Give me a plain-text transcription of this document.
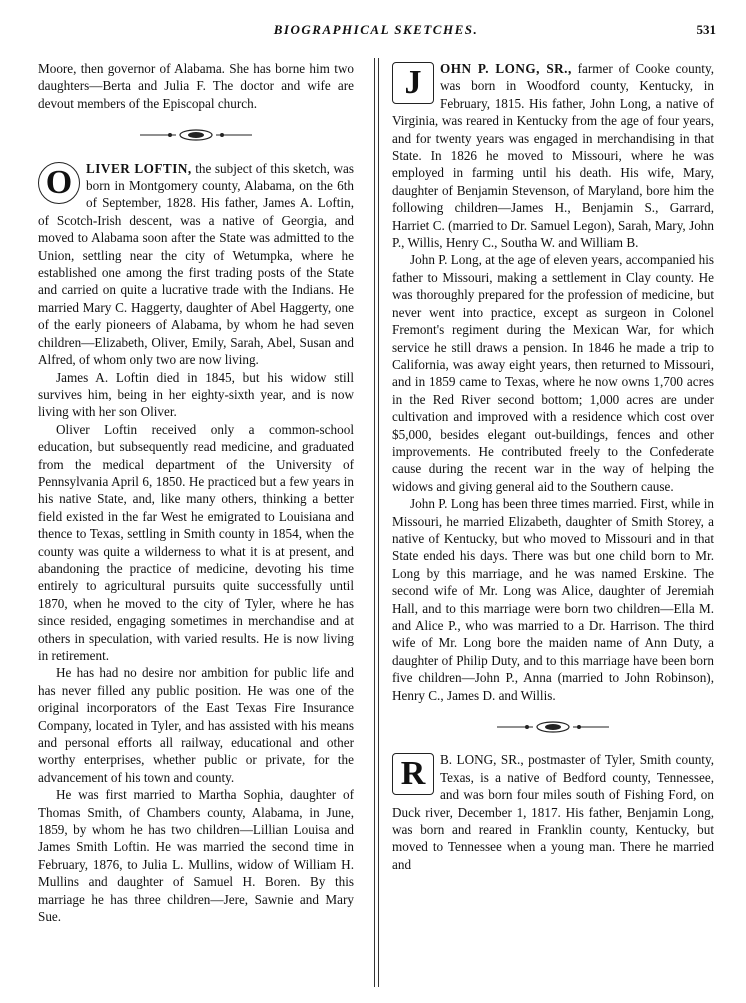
BIOGRAPHICAL SKETCHES.	531

Moore, then governor of Alabama. She has borne him two daughters—Berta and Julia F. The doctor and wife are devout members of the Episcopal church.

O	LIVER LOFTIN, the subject of this sketch, was born in Montgomery county, Alabama, on the 6th of September, 1828. His father, James A. Loftin, of Scotch-Irish descent, was a native of Georgia, and moved to Alabama soon after the State was admitted to the Union, settling near the city of Wetumpka, where he established one among the first trading posts of the State and carried on quite a lucrative trade with the Indians. He married Mary C. Haggerty, daughter of Abel Haggerty, one of the early pioneers of Alabama, by whom he had seven children—Elizabeth, Oliver, Emily, Sarah, Abel, Susan and Alfred, of whom only two are now living.

James A. Loftin died in 1845, but his widow still survives him, being in her eighty-sixth year, and is now living with her son Oliver.

Oliver Loftin received only a common-school education, but subsequently read medicine, and graduated from the medical department of the University of Pennsylvania April 6, 1850. He practiced but a few years in his native State, and, like many others, thinking a better field existed in the far West he emigrated to Louisiana and thence to Texas, settling in Smith county in 1854, when the county was quite a wilderness to what it is at present, and abandoning the practice of medicine, devoting his time entirely to agricultural pursuits quite successfully until 1870, when he moved to the city of Tyler, where he has since resided, engaging sometimes in merchandise and at others in speculation, with varied results. He is now living in retirement.

He has had no desire nor ambition for public life and has never filled any public position. He was one of the original incorporators of the East Texas Fire Insurance Company, located in Tyler, and has assisted with his means and personal efforts all railway, educational and other worthy enterprises, whether public or private, for the advancement of his town and county.

He was first married to Martha Sophia, daughter of Thomas Smith, of Chambers county, Alabama, in June, 1859, by whom he has two children—Lillian Louisa and James Smith Loftin. He was married the second time in February, 1876, to Julia L. Mullins, widow of William H. Mullins and daughter of Samuel H. Boren. By this marriage he has three children—Jere, Sawnie and Mary Sue.

J	OHN P. LONG, SR., farmer of Cooke county, was born in Woodford county, Kentucky, in February, 1815. His father, John Long, a native of Virginia, was reared in Kentucky from the age of four years, and for twenty years was engaged in merchandising in that State. In 1826 he moved to Missouri, where he was employed in farming until his death. His wife, Mary, daughter of Benjamin Stevenson, of Maryland, bore him the following children—James H., Benjamin S., Garrard, Harriet C. (married to Dr. Samuel Legon), Sarah, Mary, John P., Willis, Henry C., Southa W. and William B.

John P. Long, at the age of eleven years, accompanied his father to Missouri, making a settlement in Clay county. He was thoroughly prepared for the profession of medicine, but never went into practice, except as surgeon in Colonel Fremont's regiment during the Mexican War, for which service he still draws a pension. In 1846 he made a trip to California, was away eight years, then returned to Missouri, and in 1859 came to Texas, where he now owns 1,700 acres in the Red River second bottom; 1,000 acres are under cultivation and improved with a residence which cost over $5,000, besides elegant out-buildings, fences and other improvements. He contributed freely to the Confederate cause during the recent war in the way of helping the widows and giving general aid to the Southern cause.

John P. Long has been three times married. First, while in Missouri, he married Elizabeth, daughter of Smith Storey, a native of Kentucky, but who moved to Missouri and in that State ended his days. There was but one child born to Mr. Long by this marriage, and he was named Erskine. The second wife of Mr. Long was Alice, daughter of Jeremiah Hall, and to this marriage were born two children—Ella M. and Alice P., who was married to a Dr. Harrison. The third wife of Mr. Long bore the maiden name of Ann Duty, a daughter of Philip Duty, and to this marriage have been born five children—John P., Anna (married to John Robinson), Henry C., James D. and Willis.

R	B. LONG, SR., postmaster of Tyler, Smith county, Texas, is a native of Bedford county, Tennessee, and was born four miles south of Fishing Ford, on Duck river, December 1, 1817. His father, Benjamin Long, was born and reared in Franklin county, Kentucky, but moved to Tennessee when a young man. There he married and
